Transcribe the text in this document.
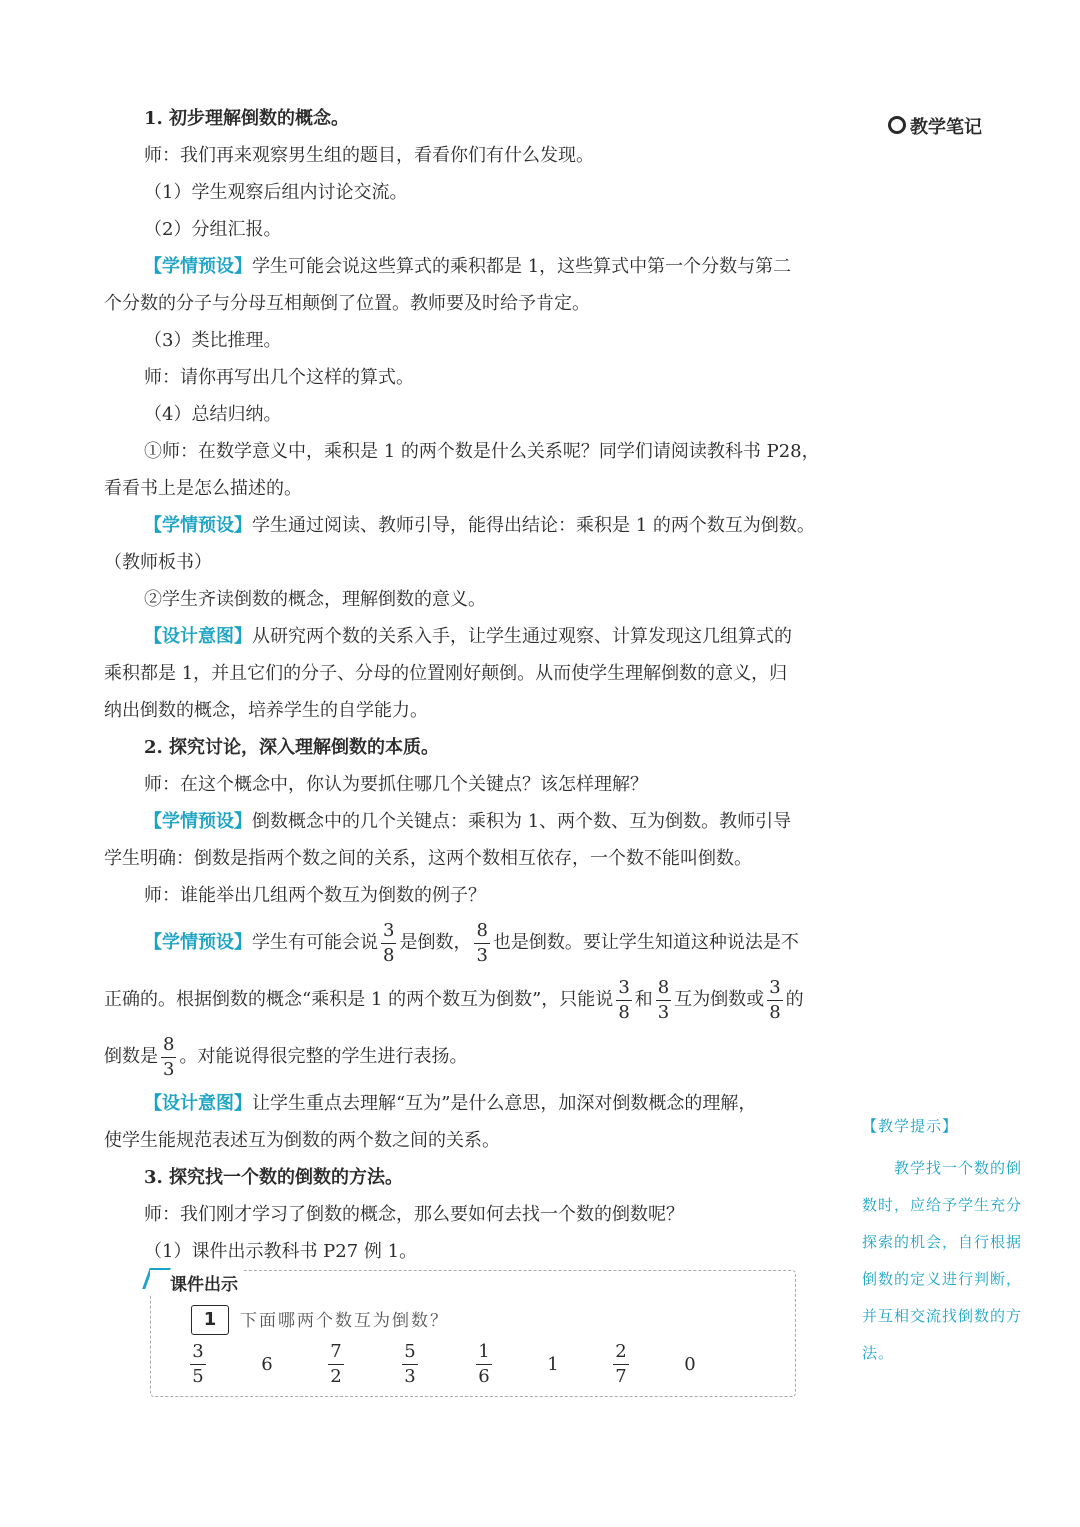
1. 初步理解倒数的概念。
师：我们再来观察男生组的题目，看看你们有什么发现。
（1）学生观察后组内讨论交流。
（2）分组汇报。
【学情预设】学生可能会说这些算式的乘积都是 1，这些算式中第一个分数与第二
个分数的分子与分母互相颠倒了位置。教师要及时给予肯定。
（3）类比推理。
师：请你再写出几个这样的算式。
（4）总结归纳。
①师：在数学意义中，乘积是 1 的两个数是什么关系呢？同学们请阅读教科书 P28，
看看书上是怎么描述的。
【学情预设】学生通过阅读、教师引导，能得出结论：乘积是 1 的两个数互为倒数。
（教师板书）
②学生齐读倒数的概念，理解倒数的意义。
【设计意图】从研究两个数的关系入手，让学生通过观察、计算发现这几组算式的
乘积都是 1，并且它们的分子、分母的位置刚好颠倒。从而使学生理解倒数的意义，归
纳出倒数的概念，培养学生的自学能力。
2. 探究讨论，深入理解倒数的本质。
师：在这个概念中，你认为要抓住哪几个关键点？该怎样理解？
【学情预设】倒数概念中的几个关键点：乘积为 1、两个数、互为倒数。教师引导
学生明确：倒数是指两个数之间的关系，这两个数相互依存，一个数不能叫倒数。
师：谁能举出几组两个数互为倒数的例子？
【学情预设】学生有可能会说 $\frac{3}{8}$ 是倒数， $\frac{8}{3}$ 也是倒数。要让学生知道这种说法是不
正确的。根据倒数的概念“乘积是 1 的两个数互为倒数”，只能说 $\frac{3}{8}$ 和 $\frac{8}{3}$ 互为倒数或 $\frac{3}{8}$ 的
倒数是 $\frac{8}{3}$ 。对能说得很完整的学生进行表扬。
【设计意图】让学生重点去理解“互为”是什么意思，加深对倒数概念的理解，
使学生能规范表述互为倒数的两个数之间的关系。
3. 探究找一个数的倒数的方法。
师：我们刚才学习了倒数的概念，那么要如何去找一个数的倒数呢？
（1）课件出示教科书 P27 例 1。
教学笔记
【教学提示】
教学找一个数的倒数时，应给予学生充分探索的机会，自行根据倒数的定义进行判断，并互相交流找倒数的方法。
课件出示
1	下面哪两个数互为倒数？
$\frac{3}{5}$	6	$\frac{7}{2}$	$\frac{5}{3}$	$\frac{1}{6}$	1	$\frac{2}{7}$	0
